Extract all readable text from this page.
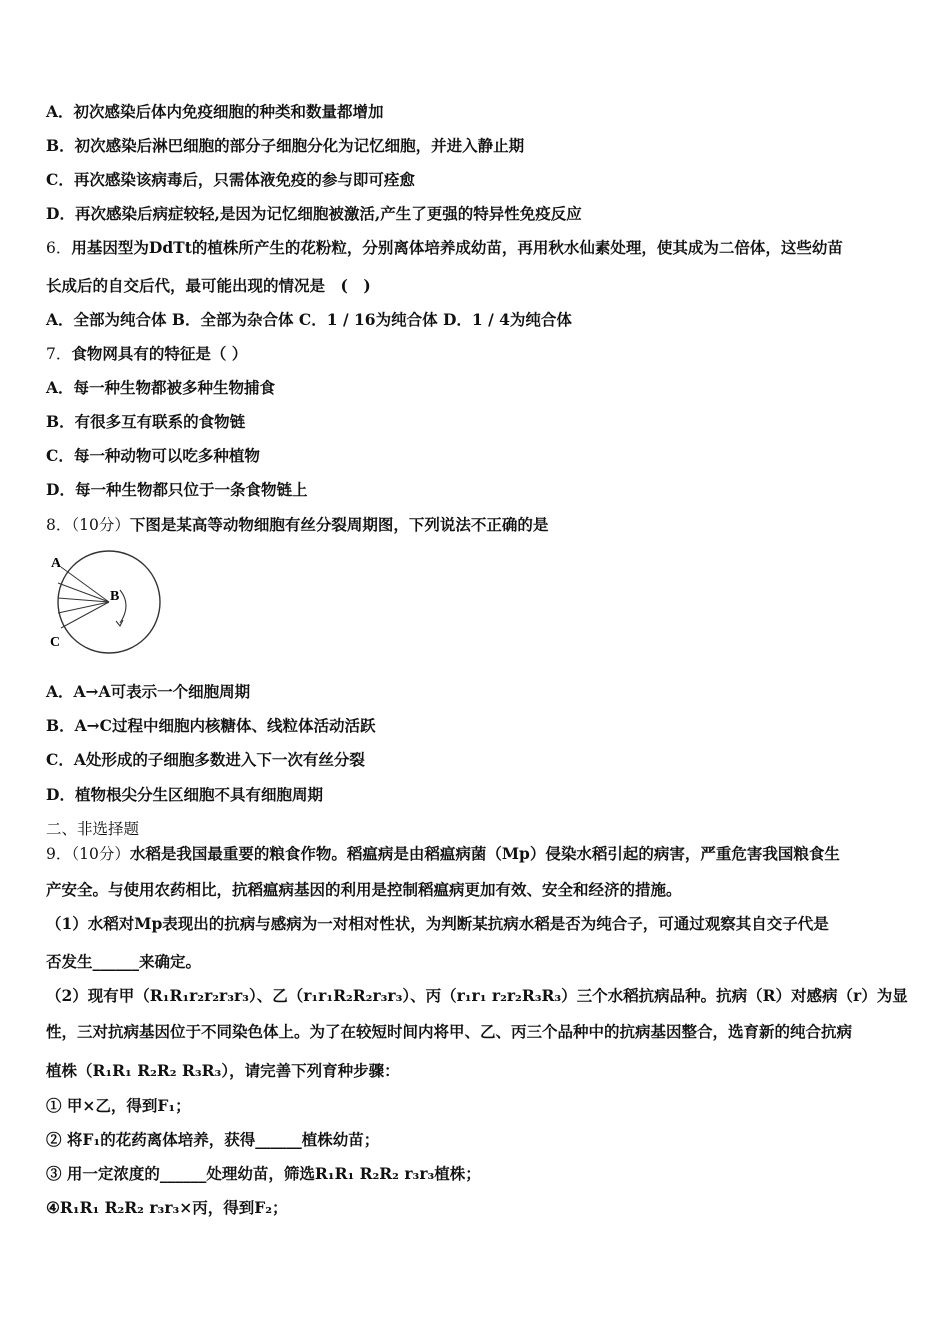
A．初次感染后体内免疫细胞的种类和数量都增加
B．初次感染后淋巴细胞的部分子细胞分化为记忆细胞，并进入静止期
C．再次感染该病毒后，只需体液免疫的参与即可痊愈
D．再次感染后病症较轻,是因为记忆细胞被激活,产生了更强的特异性免疫反应
6．用基因型为DdTt的植株所产生的花粉粒，分别离体培养成幼苗，再用秋水仙素处理，使其成为二倍体，这些幼苗
长成后的自交后代，最可能出现的情况是　(　)
A．全部为纯合体 B．全部为杂合体 C．1 / 16为纯合体 D．1 / 4为纯合体
7．食物网具有的特征是（ ）
A．每一种生物都被多种生物捕食
B．有很多互有联系的食物链
C．每一种动物可以吃多种植物
D．每一种生物都只位于一条食物链上
8．（10分）下图是某高等动物细胞有丝分裂周期图，下列说法不正确的是
A
B
C
A．A→A可表示一个细胞周期
B．A→C过程中细胞内核糖体、线粒体活动活跃
C．A处形成的子细胞多数进入下一次有丝分裂
D．植物根尖分生区细胞不具有细胞周期
二、非选择题
9．（10分）水稻是我国最重要的粮食作物。稻瘟病是由稻瘟病菌（Mp）侵染水稻引起的病害，严重危害我国粮食生
产安全。与使用农药相比，抗稻瘟病基因的利用是控制稻瘟病更加有效、安全和经济的措施。
（1）水稻对Mp表现出的抗病与感病为一对相对性状，为判断某抗病水稻是否为纯合子，可通过观察其自交子代是
否发生______来确定。
（2）现有甲（R₁R₁r₂r₂r₃r₃）、乙（r₁r₁R₂R₂r₃r₃）、丙（r₁r₁ r₂r₂R₃R₃）三个水稻抗病品种。抗病（R）对感病（r）为显
性，三对抗病基因位于不同染色体上。为了在较短时间内将甲、乙、丙三个品种中的抗病基因整合，选育新的纯合抗病
植株（R₁R₁ R₂R₂ R₃R₃），请完善下列育种步骤：
① 甲×乙，得到F₁；
② 将F₁的花药离体培养，获得______植株幼苗；
③ 用一定浓度的______处理幼苗，筛选R₁R₁ R₂R₂ r₃r₃植株；
④R₁R₁ R₂R₂ r₃r₃×丙，得到F₂；
